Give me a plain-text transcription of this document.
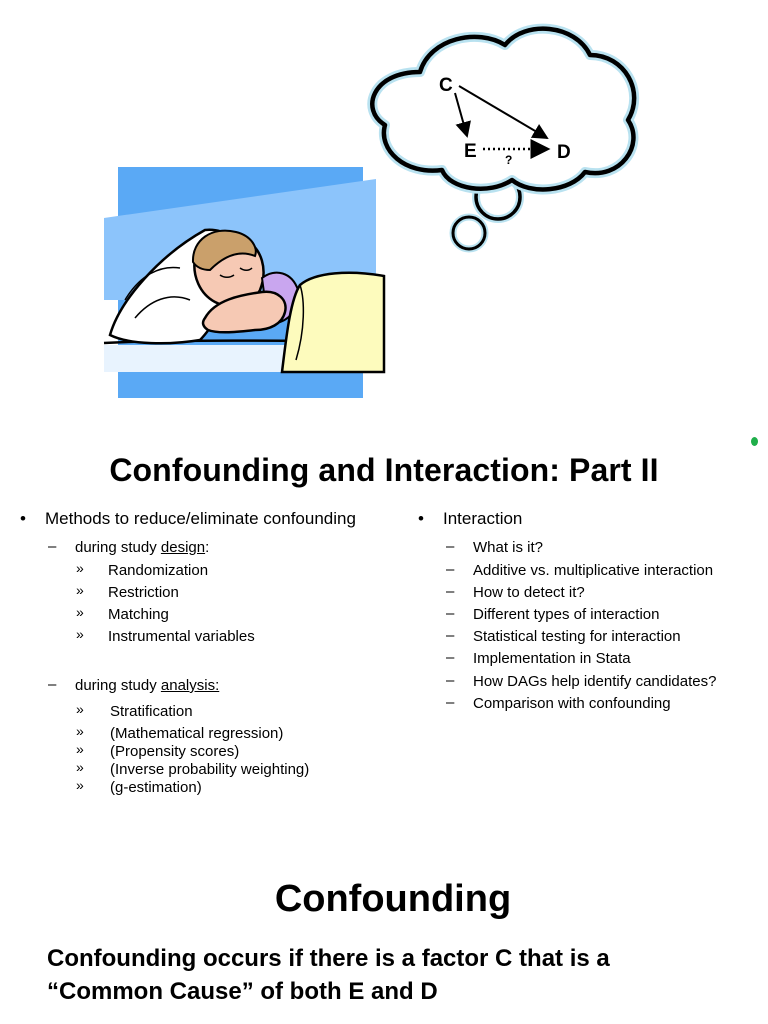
C
E	D
?
Confounding and Interaction: Part II
•	Methods to reduce/eliminate confounding
– during study design:
» Randomization
» Restriction
» Matching
» Instrumental variables
– during study analysis:
» Stratification
» (Mathematical regression)
» (Propensity scores)
» (Inverse probability weighting)
» (g-estimation)
•	Interaction
– What is it?
– Additive vs. multiplicative interaction
– How to detect it?
– Different types of interaction
– Statistical testing for interaction
– Implementation in Stata
– How DAGs help identify candidates?
– Comparison with confounding
Confounding
Confounding occurs if there is a factor C that is a
“Common Cause” of both E and D
